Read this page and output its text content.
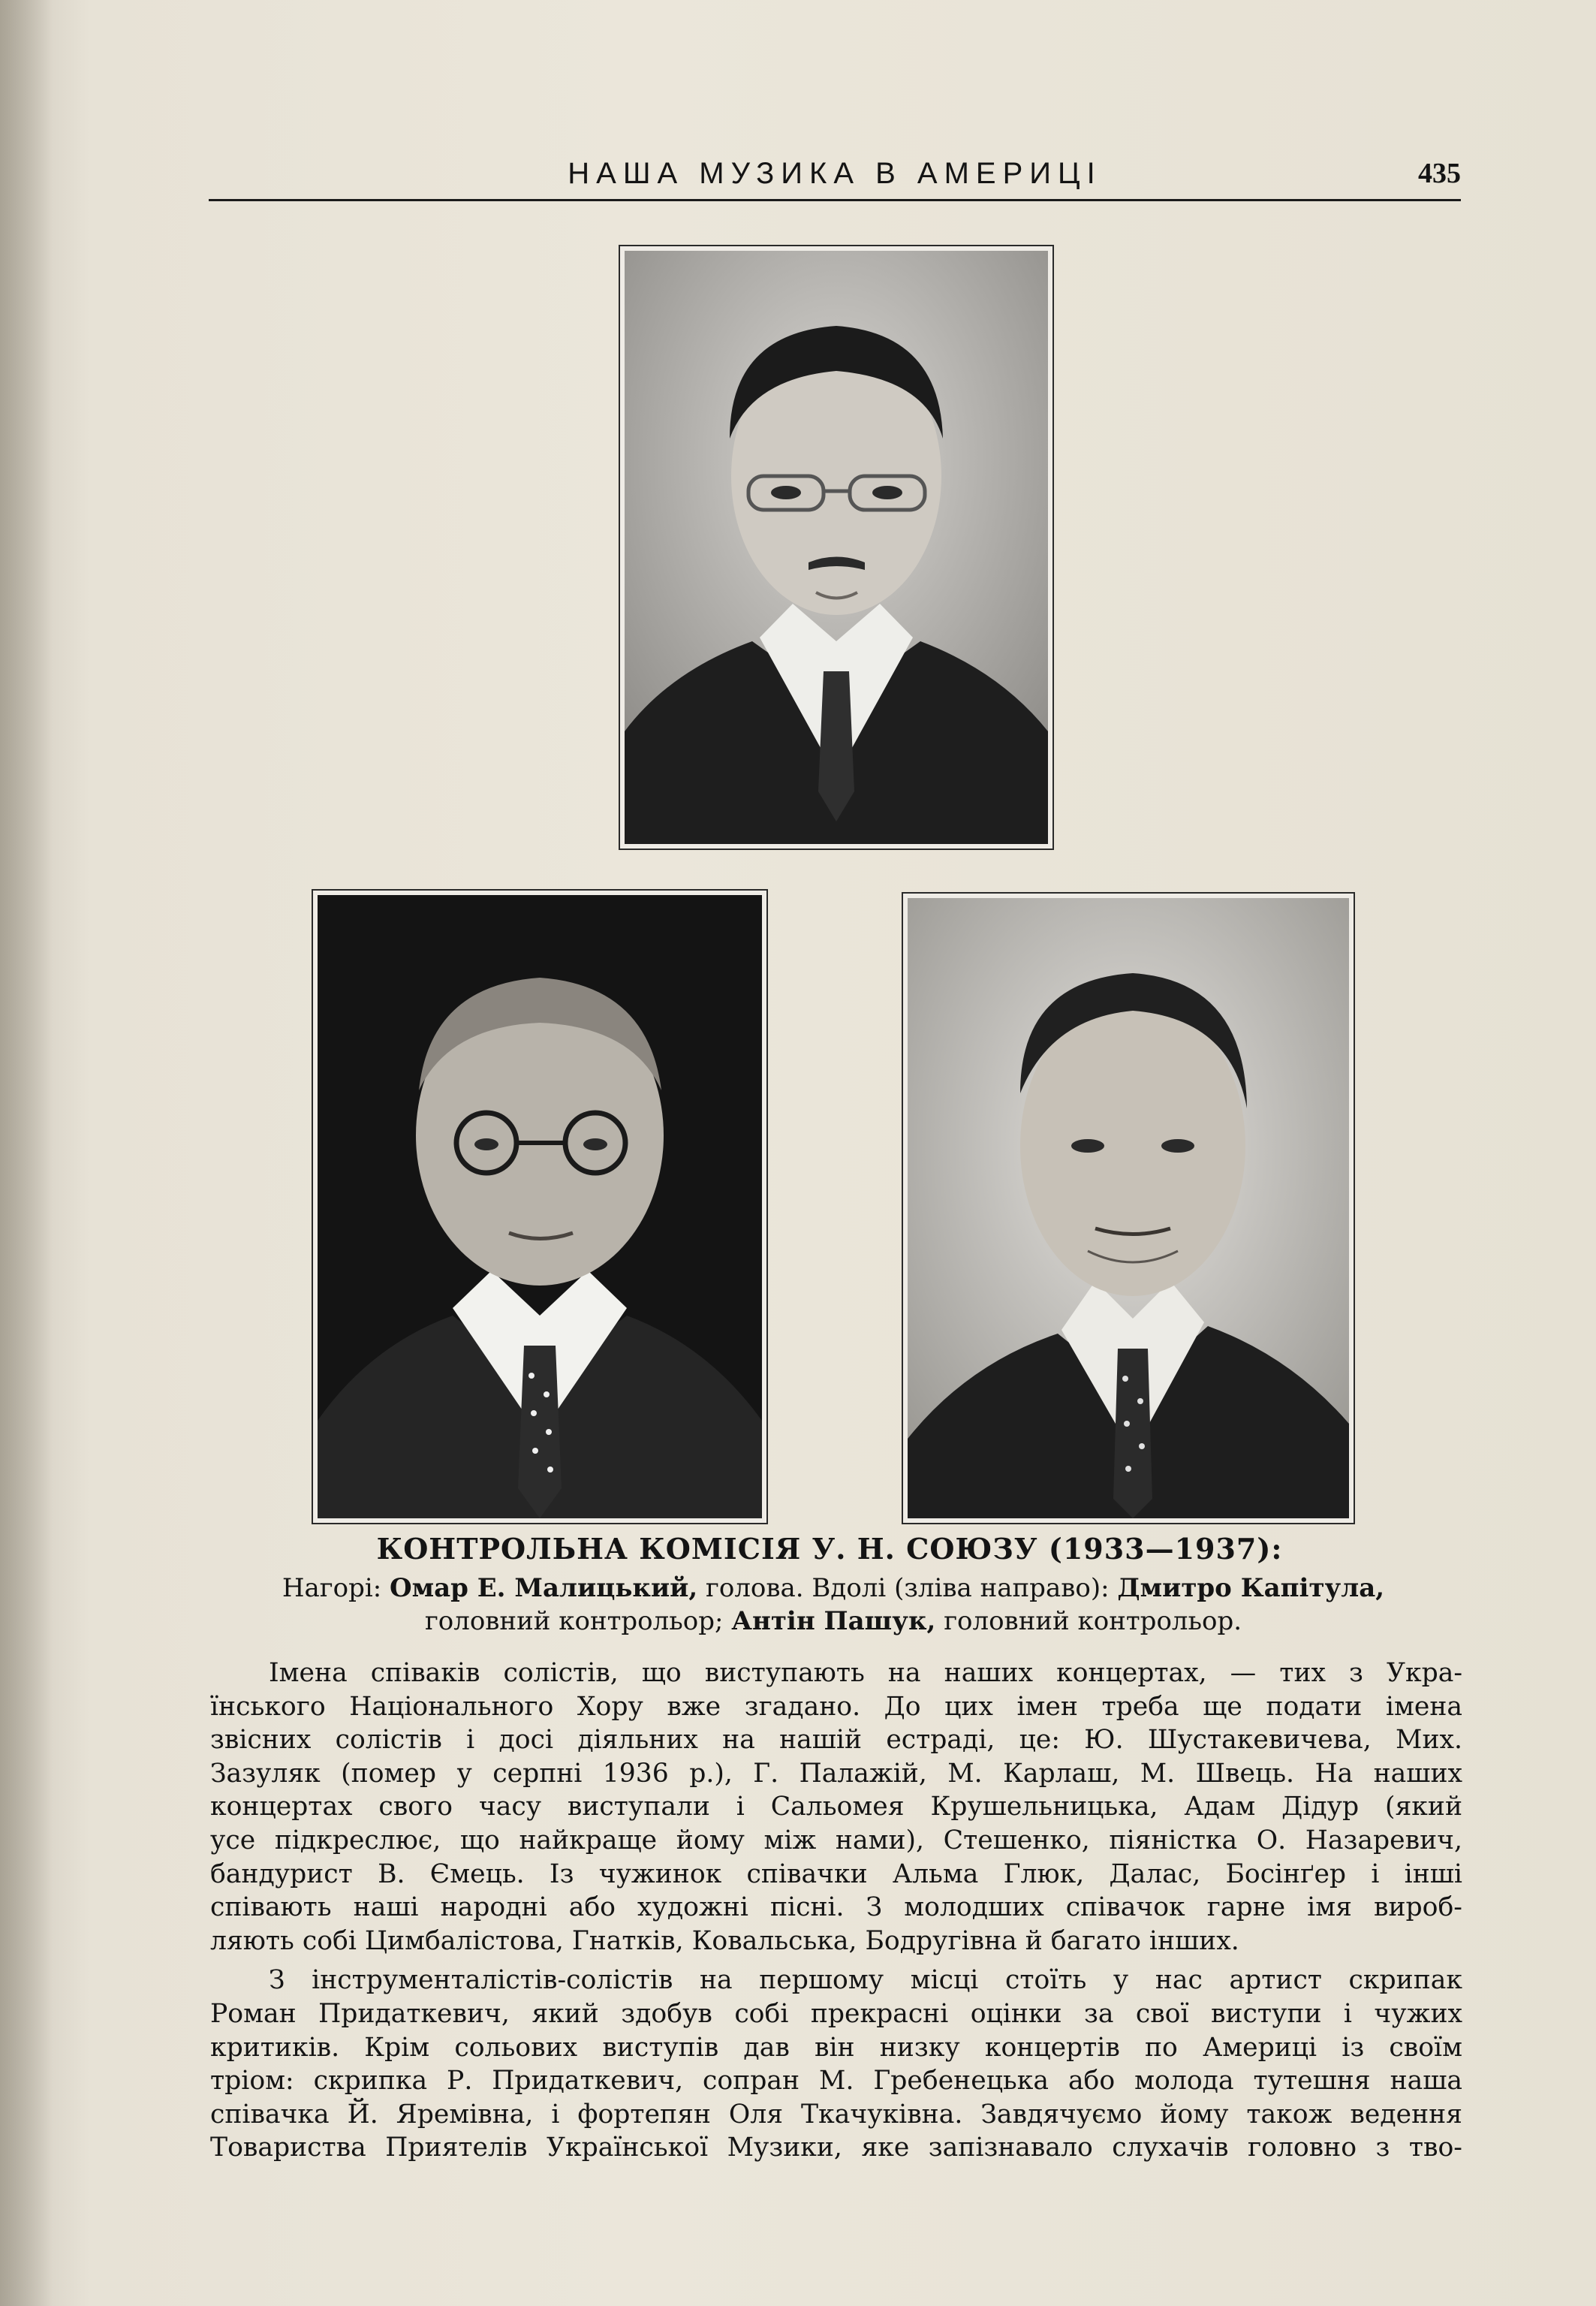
НАША МУЗИКА В АМЕРИЦІ	435
КОНТРОЛЬНА КОМІСІЯ У. Н. СОЮЗУ (1933—1937):
Нагорі: Омар Е. Малицький, голова. Вдолі (зліва направо): Дмитро Капітула,
головний контрольор; Антін Пашук, головний контрольор.

Імена співаків солістів, що виступають на наших концертах, — тих з Укра-
їнського Національного Хору вже згадано. До цих імен треба ще подати імена
звісних солістів і досі діяльних на нашій естраді, це: Ю. Шустакевичева, Мих.
Зазуляк (помер у серпні 1936 р.), Г. Палажій, М. Карлаш, М. Швець. На наших
концертах свого часу виступали і Сальомея Крушельницька, Адам Дідур (який
усе підкреслює, що найкраще йому між нами), Стешенко, піяністка О. Назаревич,
бандурист В. Ємець. Із чужинок співачки Альма Глюк, Далас, Босінґер і інші
співають наші народні або художні пісні. З молодших співачок гарне імя вироб-
ляють собі Цимбалістова, Гнатків, Ковальська, Бодругівна й багато інших.

З інструменталістів-солістів на першому місці стоїть у нас артист скрипак
Роман Придаткевич, який здобув собі прекрасні оцінки за свої виступи і чужих
критиків. Крім сольових виступів дав він низку концертів по Америці із своїм
тріом: скрипка Р. Придаткевич, сопран М. Гребенецька або молода тутешня наша
співачка Й. Яремівна, і фортепян Оля Ткачуківна. Завдячуємо йому також ведення
Товариства Приятелів Української Музики, яке запізнавало слухачів головно з тво-
